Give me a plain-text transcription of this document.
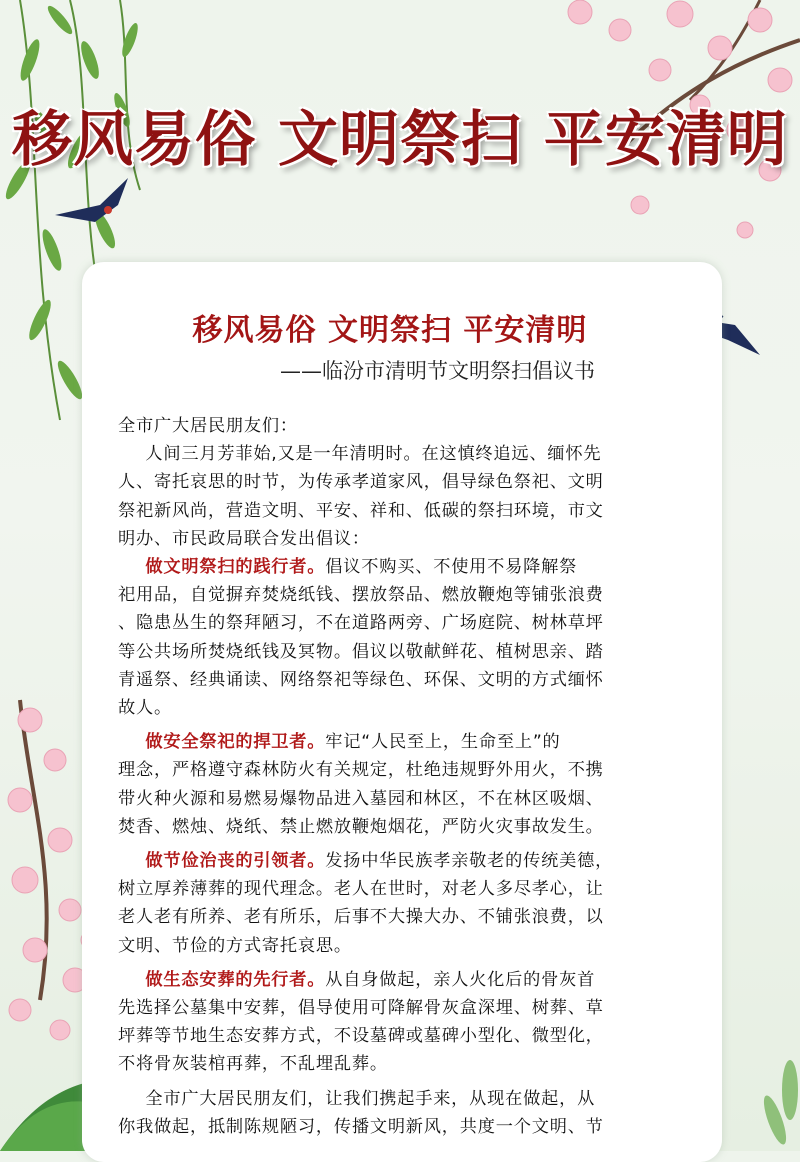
移风易俗 文明祭扫 平安清明
移风易俗 文明祭扫 平安清明
——临汾市清明节文明祭扫倡议书
全市广大居民朋友们：
  人间三月芳菲始,又是一年清明时。在这慎终追远、缅怀先
人、寄托哀思的时节，为传承孝道家风，倡导绿色祭祀、文明
祭祀新风尚，营造文明、平安、祥和、低碳的祭扫环境，市文
明办、市民政局联合发出倡议：
  做文明祭扫的践行者。倡议不购买、不使用不易降解祭
祀用品，自觉摒弃焚烧纸钱、摆放祭品、燃放鞭炮等铺张浪费
、隐患丛生的祭拜陋习，不在道路两旁、广场庭院、树林草坪
等公共场所焚烧纸钱及冥物。倡议以敬献鲜花、植树思亲、踏
青遥祭、经典诵读、网络祭祀等绿色、环保、文明的方式缅怀
故人。
  做安全祭祀的捍卫者。牢记“人民至上，生命至上”的
理念，严格遵守森林防火有关规定，杜绝违规野外用火，不携
带火种火源和易燃易爆物品进入墓园和林区，不在林区吸烟、
焚香、燃烛、烧纸、禁止燃放鞭炮烟花，严防火灾事故发生。
  做节俭治丧的引领者。发扬中华民族孝亲敬老的传统美德，
树立厚养薄葬的现代理念。老人在世时，对老人多尽孝心，让
老人老有所养、老有所乐，后事不大操大办、不铺张浪费，以
文明、节俭的方式寄托哀思。
  做生态安葬的先行者。从自身做起，亲人火化后的骨灰首
先选择公墓集中安葬，倡导使用可降解骨灰盒深埋、树葬、草
坪葬等节地生态安葬方式，不设墓碑或墓碑小型化、微型化，
不将骨灰装棺再葬，不乱埋乱葬。
  全市广大居民朋友们，让我们携起手来，从现在做起，从
你我做起，抵制陈规陋习，传播文明新风，共度一个文明、节
